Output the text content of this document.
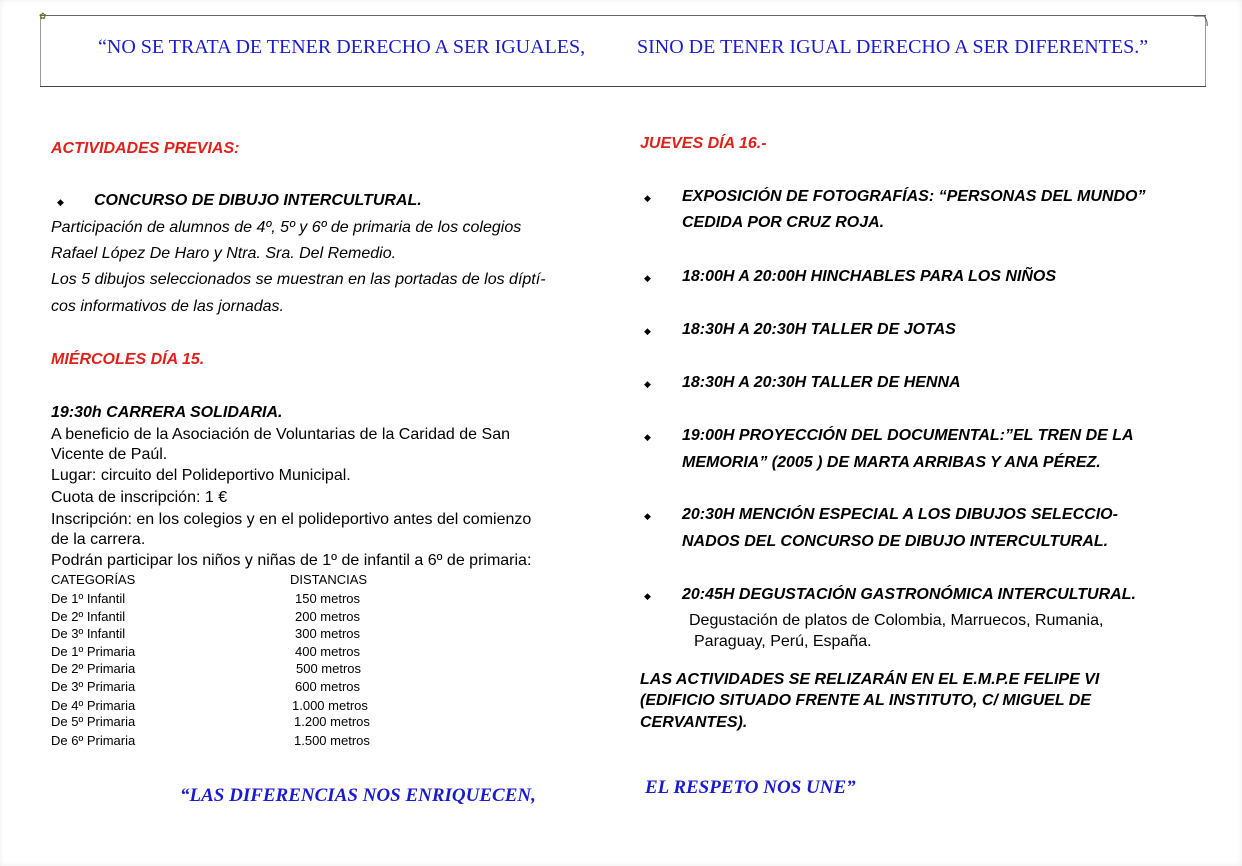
✿
“NO SE TRATA DE TENER DERECHO A SER IGUALES,	SINO DE TENER IGUAL DERECHO A SER DIFERENTES.”
ACTIVIDADES PREVIAS:
◆ CONCURSO DE DIBUJO INTERCULTURAL.
Participación de alumnos de 4º, 5º y 6º de primaria de los colegios
Rafael López De Haro y Ntra. Sra. Del Remedio.
Los 5 dibujos seleccionados se muestran en las portadas de los díptí-
cos informativos de las jornadas.
MIÉRCOLES DÍA 15.
19:30h CARRERA SOLIDARIA.
A beneficio de la Asociación de Voluntarias de la Caridad de San
Vicente de Paúl.
Lugar: circuito del Polideportivo Municipal.
Cuota de inscripción: 1 €
Inscripción: en los colegios y en el polideportivo antes del comienzo
de la carrera.
Podrán participar los niños y niñas de 1º de infantil a 6º de primaria:
CATEGORÍAS	DISTANCIAS
De 1º Infantil	150 metros
De 2º Infantil	200 metros
De 3º Infantil	300 metros
De 1º Primaria	400 metros
De 2º Primaria	500 metros
De 3º Primaria	600 metros
De 4º Primaria	1.000 metros
De 5º Primaria	1.200 metros
De 6º Primaria	1.500 metros
“LAS DIFERENCIAS NOS ENRIQUECEN,
JUEVES DÍA 16.-
◆ EXPOSICIÓN DE FOTOGRAFÍAS: “PERSONAS DEL MUNDO”
CEDIDA POR CRUZ ROJA.
◆ 18:00H A 20:00H HINCHABLES PARA LOS NIÑOS
◆ 18:30H A 20:30H TALLER DE JOTAS
◆ 18:30H A 20:30H TALLER DE HENNA
◆ 19:00H PROYECCIÓN DEL DOCUMENTAL:”EL TREN DE LA
MEMORIA” (2005 ) DE MARTA ARRIBAS Y ANA PÉREZ.
◆ 20:30H MENCIÓN ESPECIAL A LOS DIBUJOS SELECCIO-
NADOS DEL CONCURSO DE DIBUJO INTERCULTURAL.
◆ 20:45H DEGUSTACIÓN GASTRONÓMICA INTERCULTURAL.
Degustación de platos de Colombia, Marruecos, Rumania,
Paraguay, Perú, España.
LAS ACTIVIDADES SE RELIZARÁN EN EL E.M.P.E FELIPE VI
(EDIFICIO SITUADO FRENTE AL INSTITUTO, C/ MIGUEL DE
CERVANTES).
EL RESPETO NOS UNE”
